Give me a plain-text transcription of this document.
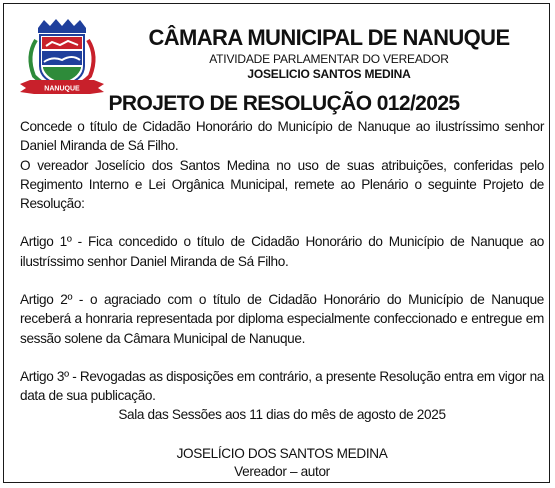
NANUQUE
CÂMARA MUNICIPAL DE NANUQUE
ATIVIDADE PARLAMENTAR DO VEREADOR
JOSELICIO SANTOS MEDINA
PROJETO DE RESOLUÇÃO 012/2025

Concede o título de Cidadão Honorário do Município de Nanuque ao ilustríssimo senhor Daniel Miranda de Sá Filho.

O vereador Joselício dos Santos Medina no uso de suas atribuições, conferidas pelo Regimento Interno e Lei Orgânica Municipal, remete ao Plenário o seguinte Projeto de Resolução:

Artigo 1º - Fica concedido o título de Cidadão Honorário do Município de Nanuque ao ilustríssimo senhor Daniel Miranda de Sá Filho.

Artigo 2º - o agraciado com o título de Cidadão Honorário do Município de Nanuque receberá a honraria representada por diploma especialmente confeccionado e entregue em sessão solene da Câmara Municipal de Nanuque.

Artigo 3º - Revogadas as disposições em contrário, a presente Resolução entra em vigor na data de sua publicação.

Sala das Sessões aos 11 dias do mês de agosto de 2025
JOSELÍCIO DOS SANTOS MEDINA
Vereador – autor
